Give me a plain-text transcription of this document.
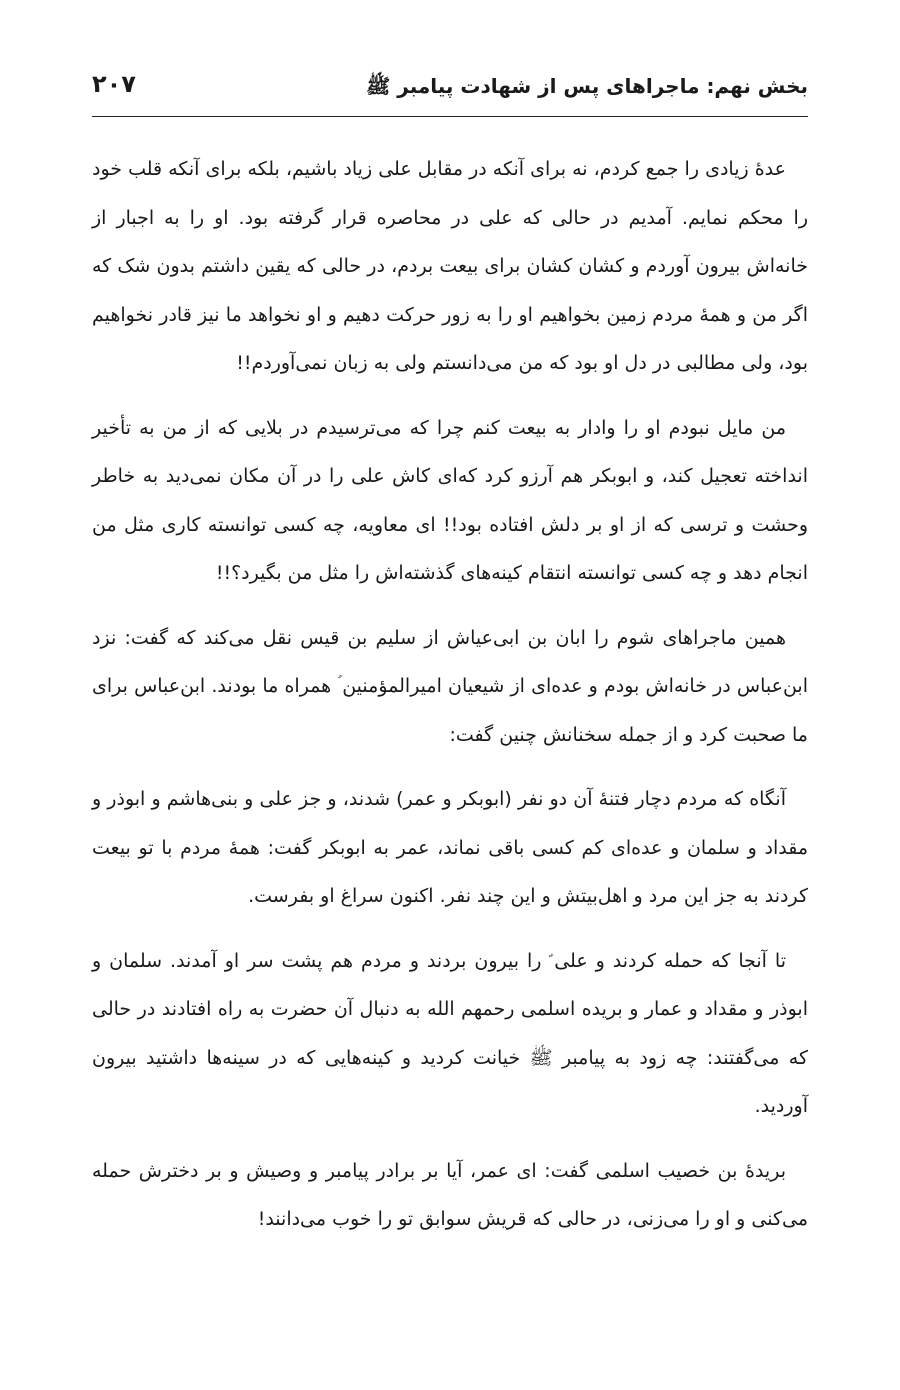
بخش نهم: ماجراهای پس از شهادت پیامبر ﷺ
۲۰۷

عدهٔ زیادی را جمع کردم، نه برای آنکه در مقابل علی زیاد باشیم، بلکه برای آنکه قلب خود را محکم نمایم. آمدیم در حالی که علی در محاصره قرار گرفته بود. او را به اجبار از خانه‌اش بیرون آوردم و کشان کشان برای بیعت بردم، در حالی که یقین داشتم بدون شک که اگر من و همهٔ مردم زمین بخواهیم او را به زور حرکت دهیم و او نخواهد ما نیز قادر نخواهیم بود، ولی مطالبی در دل او بود که من می‌دانستم ولی به زبان نمی‌آوردم!!

من مایل نبودم او را وادار به بیعت کنم چرا که می‌ترسیدم در بلایی که از من به تأخیر انداخته تعجیل کند، و ابوبکر هم آرزو کرد که‌ای کاش علی را در آن مکان نمی‌دید به خاطر وحشت و ترسی که از او بر دلش افتاده بود!! ای معاویه، چه کسی توانسته کاری مثل من انجام دهد و چه کسی توانسته انتقام کینه‌های گذشته‌اش را مثل من بگیرد؟!!

همین ماجراهای شوم را ابان بن ابی‌عیاش از سلیم بن قیس نقل می‌کند که گفت: نزد ابن‌عباس در خانه‌اش بودم و عده‌ای از شیعیان امیرالمؤمنین ؑ همراه ما بودند. ابن‌عباس برای ما صحبت کرد و از جمله سخنانش چنین گفت:

آنگاه که مردم دچار فتنهٔ آن دو نفر (ابوبکر و عمر) شدند، و جز علی و بنی‌هاشم و ابوذر و مقداد و سلمان و عده‌ای کم کسی باقی نماند، عمر به ابوبکر گفت: همهٔ مردم با تو بیعت کردند به جز این مرد و اهل‌بیتش و این چند نفر. اکنون سراغ او بفرست.

تا آنجا که حمله کردند و علی ؑ را بیرون بردند و مردم هم پشت سر او آمدند. سلمان و ابوذر و مقداد و عمار و بریده اسلمی رحمهم الله به دنبال آن حضرت به راه افتادند در حالی که می‌گفتند: چه زود به پیامبر ﷺ خیانت کردید و کینه‌هایی که در سینه‌ها داشتید بیرون آوردید.

بریدهٔ بن خصیب اسلمی گفت: ای عمر، آیا بر برادر پیامبر و وصیش و بر دخترش حمله می‌کنی و او را می‌زنی، در حالی که قریش سوابق تو را خوب می‌دانند!
